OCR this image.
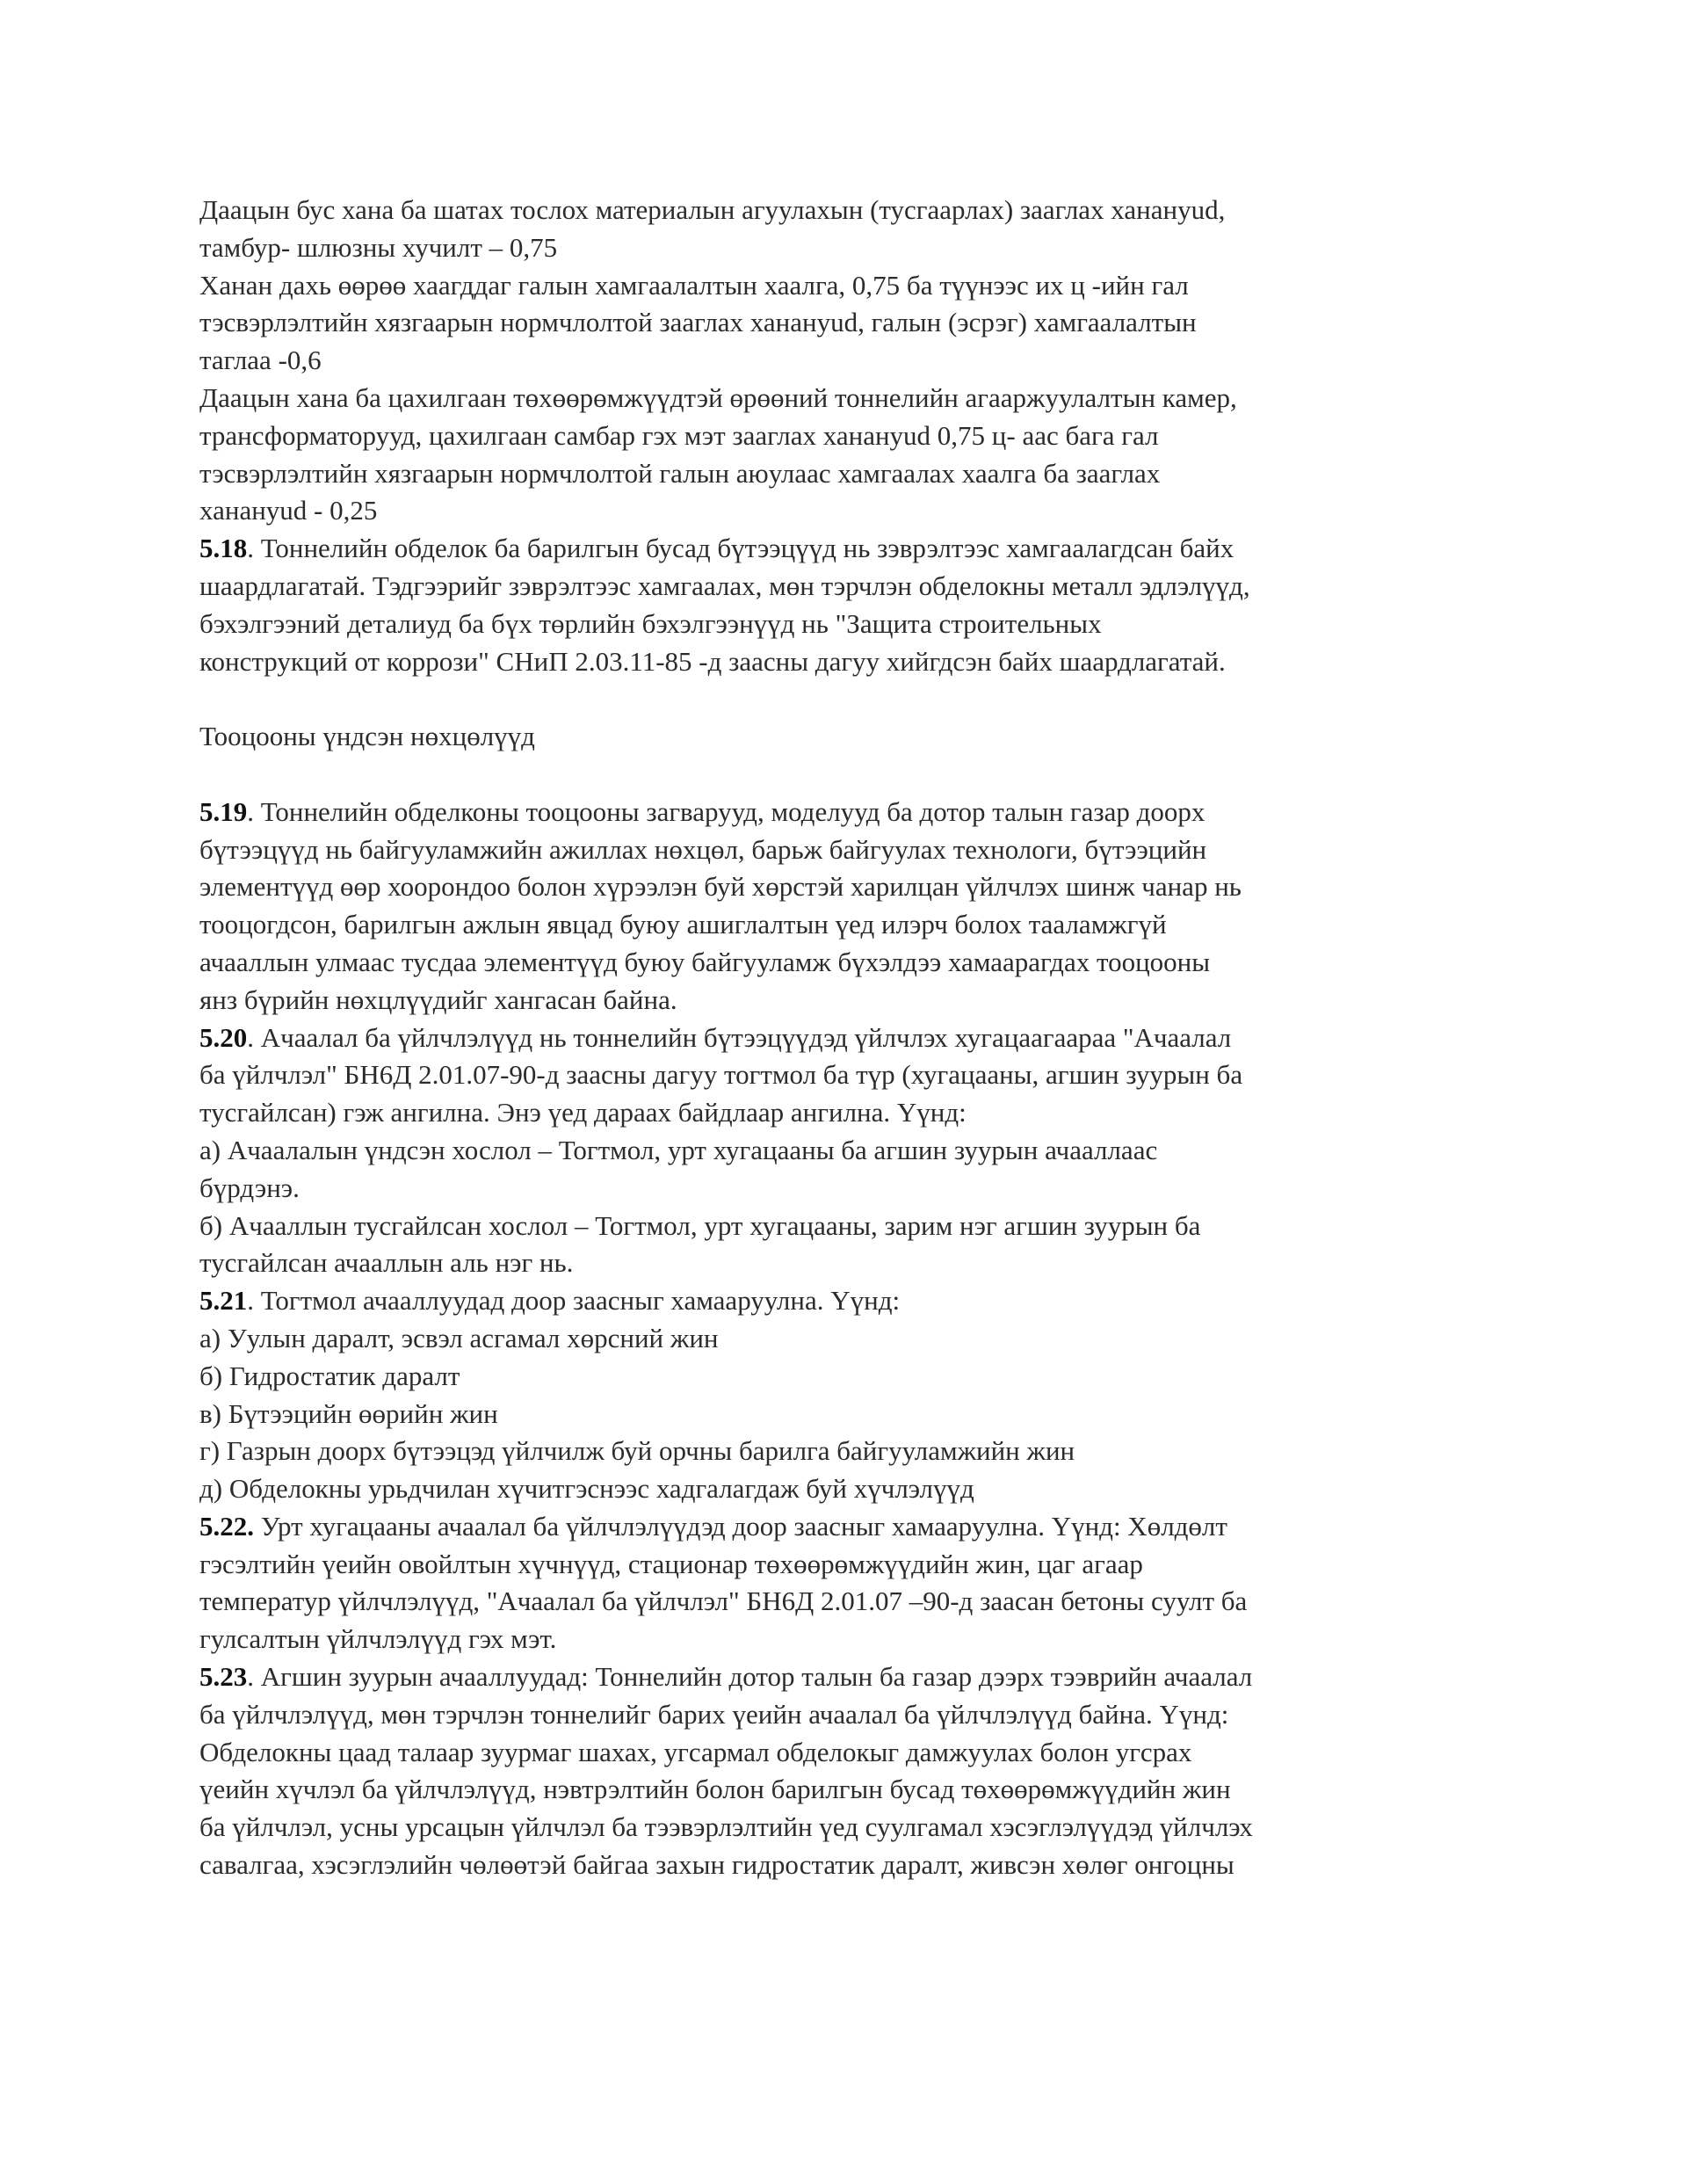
Даацын бус хана ба шатах тослох материалын агуулахын (тусгаарлах) зааглах ханануud,
тамбур- шлюзны хучилт – 0,75
Ханан дахь өөрөө хаагддаг галын хамгаалалтын хаалга, 0,75 ба түүнээс их ц -ийн гал
тэсвэрлэлтийн хязгаарын нормчлолтой зааглах ханануud, галын (эсрэг) хамгаалалтын
таглаа -0,6
Даацын хана ба цахилгаан төхөөрөмжүүдтэй өрөөний тоннелийн агааржуулалтын камер,
трансформаторууд, цахилгаан самбар гэх мэт зааглах ханануud 0,75 ц- аас бага гал
тэсвэрлэлтийн хязгаарын нормчлолтой галын аюулаас хамгаалах хаалга ба зааглах
ханануud - 0,25
5.18. Тоннелийн обделок ба барилгын бусад бүтээцүүд нь зэврэлтээс хамгаалагдсан байх
шаардлагатай. Тэдгээрийг зэврэлтээс хамгаалах, мөн тэрчлэн обделокны металл эдлэлүүд,
бэхэлгээний деталиуд ба бүх төрлийн бэхэлгээнүүд нь "Защита строительных
конструкций от коррози" СНиП 2.03.11-85 -д заасны дагуу хийгдсэн байх шаардлагатай.
Тооцооны үндсэн нөхцөлүүд
5.19. Тоннелийн обделконы тооцооны загварууд, моделууд ба дотор талын газар доорх
бүтээцүүд нь байгууламжийн ажиллах нөхцөл, барьж байгуулах технологи, бүтээцийн
элементүүд өөр хоорондоо болон хүрээлэн буй хөрстэй харилцан үйлчлэх шинж чанар нь
тооцогдсон, барилгын ажлын явцад буюу ашиглалтын үед илэрч болох тааламжгүй
ачааллын улмаас тусдаа элементүүд буюу байгууламж бүхэлдээ хамаарагдах тооцооны
янз бүрийн нөхцлүүдийг хангасан байна.
5.20. Ачаалал ба үйлчлэлүүд нь тоннелийн бүтээцүүдэд үйлчлэх хугацаагаараа "Ачаалал
ба үйлчлэл" БН6Д 2.01.07-90-д заасны дагуу тогтмол ба түр (хугацааны, агшин зуурын ба
тусгайлсан) гэж ангилна. Энэ үед дараах байдлаар ангилна. Үүнд:
а) Ачаалалын үндсэн хослол – Тогтмол, урт хугацааны ба агшин зуурын ачааллаас
бүрдэнэ.
б) Ачааллын тусгайлсан хослол – Тогтмол, урт хугацааны, зарим нэг агшин зуурын ба
тусгайлсан ачааллын аль нэг нь.
5.21. Тогтмол ачааллуудад доор заасныг хамааруулна. Үүнд:
а) Уулын даралт, эсвэл асгамал хөрсний жин
б) Гидростатик даралт
в) Бүтээцийн өөрийн жин
г) Газрын доорх бүтээцэд үйлчилж буй орчны барилга байгууламжийн жин
д) Обделокны урьдчилан хүчитгэснээс хадгалагдаж буй хүчлэлүүд
5.22. Урт хугацааны ачаалал ба үйлчлэлүүдэд доор заасныг хамааруулна. Үүнд: Хөлдөлт
гэсэлтийн үеийн овойлтын хүчнүүд, стационар төхөөрөмжүүдийн жин, цаг агаар
температур үйлчлэлүүд, "Ачаалал ба үйлчлэл" БН6Д 2.01.07 –90-д заасан бетоны суулт ба
гулсалтын үйлчлэлүүд гэх мэт.
5.23. Агшин зуурын ачааллуудад: Тоннелийн дотор талын ба газар дээрх тээврийн ачаалал
ба үйлчлэлүүд, мөн тэрчлэн тоннелийг барих үеийн ачаалал ба үйлчлэлүүд байна. Үүнд:
Обделокны цаад талаар зуурмаг шахах, угсармал обделокыг дамжуулах болон угсрах
үеийн хүчлэл ба үйлчлэлүүд, нэвтрэлтийн болон барилгын бусад төхөөрөмжүүдийн жин
ба үйлчлэл, усны урсацын үйлчлэл ба тээвэрлэлтийн үед суулгамал хэсэглэлүүдэд үйлчлэх
савалгаа, хэсэглэлийн чөлөөтэй байгаа захын гидростатик даралт, живсэн хөлөг онгоцны
